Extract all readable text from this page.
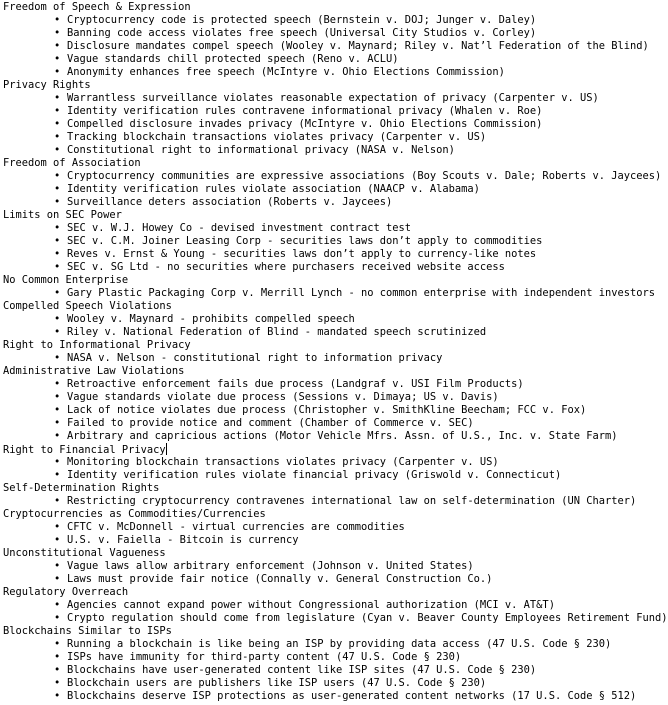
Freedom of Speech & Expression
• Cryptocurrency code is protected speech (Bernstein v. DOJ; Junger v. Daley)
• Banning code access violates free speech (Universal City Studios v. Corley)
• Disclosure mandates compel speech (Wooley v. Maynard; Riley v. Nat’l Federation of the Blind)
• Vague standards chill protected speech (Reno v. ACLU)
• Anonymity enhances free speech (McIntyre v. Ohio Elections Commission)
Privacy Rights
• Warrantless surveillance violates reasonable expectation of privacy (Carpenter v. US)
• Identity verification rules contravene informational privacy (Whalen v. Roe)
• Compelled disclosure invades privacy (McIntyre v. Ohio Elections Commission)
• Tracking blockchain transactions violates privacy (Carpenter v. US)
• Constitutional right to informational privacy (NASA v. Nelson)
Freedom of Association
• Cryptocurrency communities are expressive associations (Boy Scouts v. Dale; Roberts v. Jaycees)
• Identity verification rules violate association (NAACP v. Alabama)
• Surveillance deters association (Roberts v. Jaycees)
Limits on SEC Power
• SEC v. W.J. Howey Co - devised investment contract test
• SEC v. C.M. Joiner Leasing Corp - securities laws don’t apply to commodities
• Reves v. Ernst & Young - securities laws don’t apply to currency-like notes
• SEC v. SG Ltd - no securities where purchasers received website access
No Common Enterprise
• Gary Plastic Packaging Corp v. Merrill Lynch - no common enterprise with independent investors
Compelled Speech Violations
• Wooley v. Maynard - prohibits compelled speech
• Riley v. National Federation of Blind - mandated speech scrutinized
Right to Informational Privacy
• NASA v. Nelson - constitutional right to information privacy
Administrative Law Violations
• Retroactive enforcement fails due process (Landgraf v. USI Film Products)
• Vague standards violate due process (Sessions v. Dimaya; US v. Davis)
• Lack of notice violates due process (Christopher v. SmithKline Beecham; FCC v. Fox)
• Failed to provide notice and comment (Chamber of Commerce v. SEC)
• Arbitrary and capricious actions (Motor Vehicle Mfrs. Assn. of U.S., Inc. v. State Farm)
Right to Financial Privacy
• Monitoring blockchain transactions violates privacy (Carpenter v. US)
• Identity verification rules violate financial privacy (Griswold v. Connecticut)
Self-Determination Rights
• Restricting cryptocurrency contravenes international law on self-determination (UN Charter)
Cryptocurrencies as Commodities/Currencies
• CFTC v. McDonnell - virtual currencies are commodities
• U.S. v. Faiella - Bitcoin is currency
Unconstitutional Vagueness
• Vague laws allow arbitrary enforcement (Johnson v. United States)
• Laws must provide fair notice (Connally v. General Construction Co.)
Regulatory Overreach
• Agencies cannot expand power without Congressional authorization (MCI v. AT&T)
• Crypto regulation should come from legislature (Cyan v. Beaver County Employees Retirement Fund)
Blockchains Similar to ISPs
• Running a blockchain is like being an ISP by providing data access (47 U.S. Code § 230)
• ISPs have immunity for third-party content (47 U.S. Code § 230)
• Blockchains have user-generated content like ISP sites (47 U.S. Code § 230)
• Blockchain users are publishers like ISP users (47 U.S. Code § 230)
• Blockchains deserve ISP protections as user-generated content networks (17 U.S. Code § 512)
